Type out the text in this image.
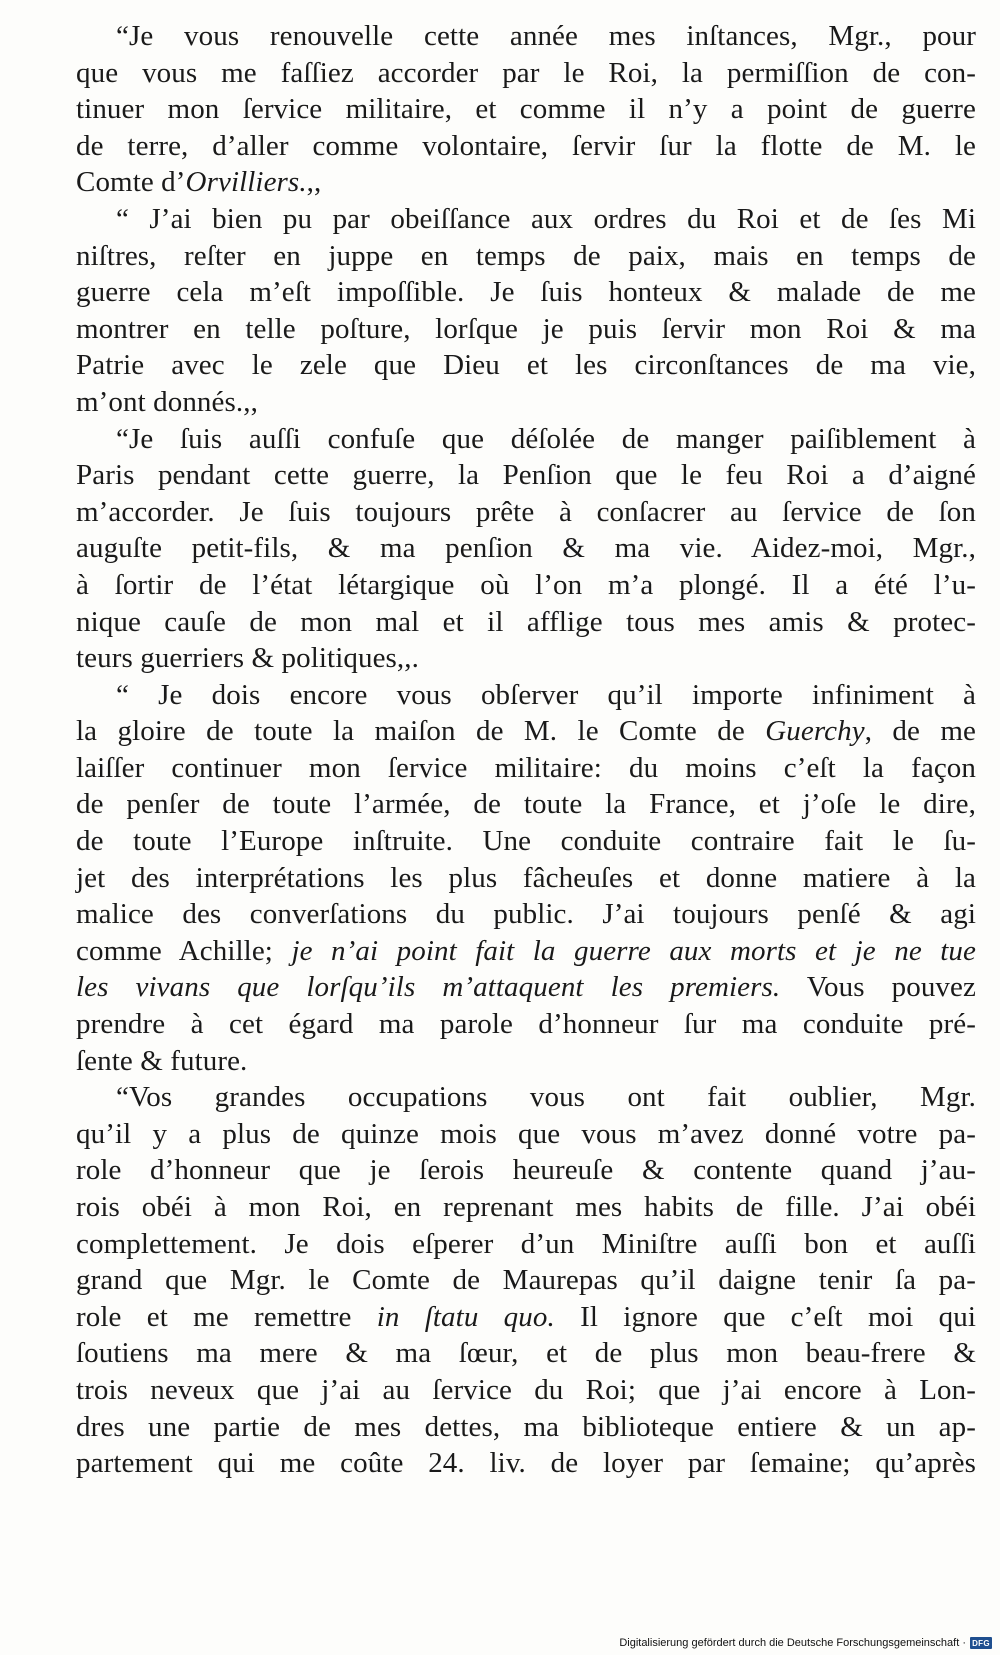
“Je vous renouvelle cette année mes inſtances, Mgr., pour
que vous me faſſiez accorder par le Roi, la permiſſion de con-
tinuer mon ſervice militaire, et comme il n’y a point de guerre
de terre, d’aller comme volontaire, ſervir ſur la flotte de M. le
Comte d’Orvilliers.,,
“ J’ai bien pu par obeiſſance aux ordres du Roi et de ſes Mi
niſtres, reſter en juppe en temps de paix, mais en temps de
guerre cela m’eſt impoſſible. Je ſuis honteux & malade de me
montrer en telle poſture, lorſque je puis ſervir mon Roi & ma
Patrie avec le zele que Dieu et les circonſtances de ma vie,
m’ont donnés.,,
“Je ſuis auſſi confuſe que déſolée de manger paiſiblement à
Paris pendant cette guerre, la Penſion que le feu Roi a d’aigné
m’accorder. Je ſuis toujours prête à conſacrer au ſervice de ſon
auguſte petit-fils, & ma penſion & ma vie. Aidez-moi, Mgr.,
à ſortir de l’état létargique où l’on m’a plongé. Il a été l’u-
nique cauſe de mon mal et il afflige tous mes amis & protec-
teurs guerriers & politiques,,.
“ Je dois encore vous obſerver qu’il importe infiniment à
la gloire de toute la maiſon de M. le Comte de Guerchy, de me
laiſſer continuer mon ſervice militaire: du moins c’eſt la façon
de penſer de toute l’armée, de toute la France, et j’oſe le dire,
de toute l’Europe inſtruite. Une conduite contraire fait le ſu-
jet des interprétations les plus fâcheuſes et donne matiere à la
malice des converſations du public. J’ai toujours penſé & agi
comme Achille; je n’ai point fait la guerre aux morts et je ne tue
les vivans que lorſqu’ils m’attaquent les premiers. Vous pouvez
prendre à cet égard ma parole d’honneur ſur ma conduite pré-
ſente & future.
“Vos grandes occupations vous ont fait oublier, Mgr.
qu’il y a plus de quinze mois que vous m’avez donné votre pa-
role d’honneur que je ſerois heureuſe & contente quand j’au-
rois obéi à mon Roi, en reprenant mes habits de fille. J’ai obéi
complettement. Je dois eſperer d’un Miniſtre auſſi bon et auſſi
grand que Mgr. le Comte de Maurepas qu’il daigne tenir ſa pa-
role et me remettre in ſtatu quo. Il ignore que c’eſt moi qui
ſoutiens ma mere & ma ſœur, et de plus mon beau-frere &
trois neveux que j’ai au ſervice du Roi; que j’ai encore à Lon-
dres une partie de mes dettes, ma biblioteque entiere & un ap-
partement qui me coûte 24. liv. de loyer par ſemaine; qu’après
Digitalisierung gefördert durch die Deutsche Forschungsgemeinschaft · DFG
